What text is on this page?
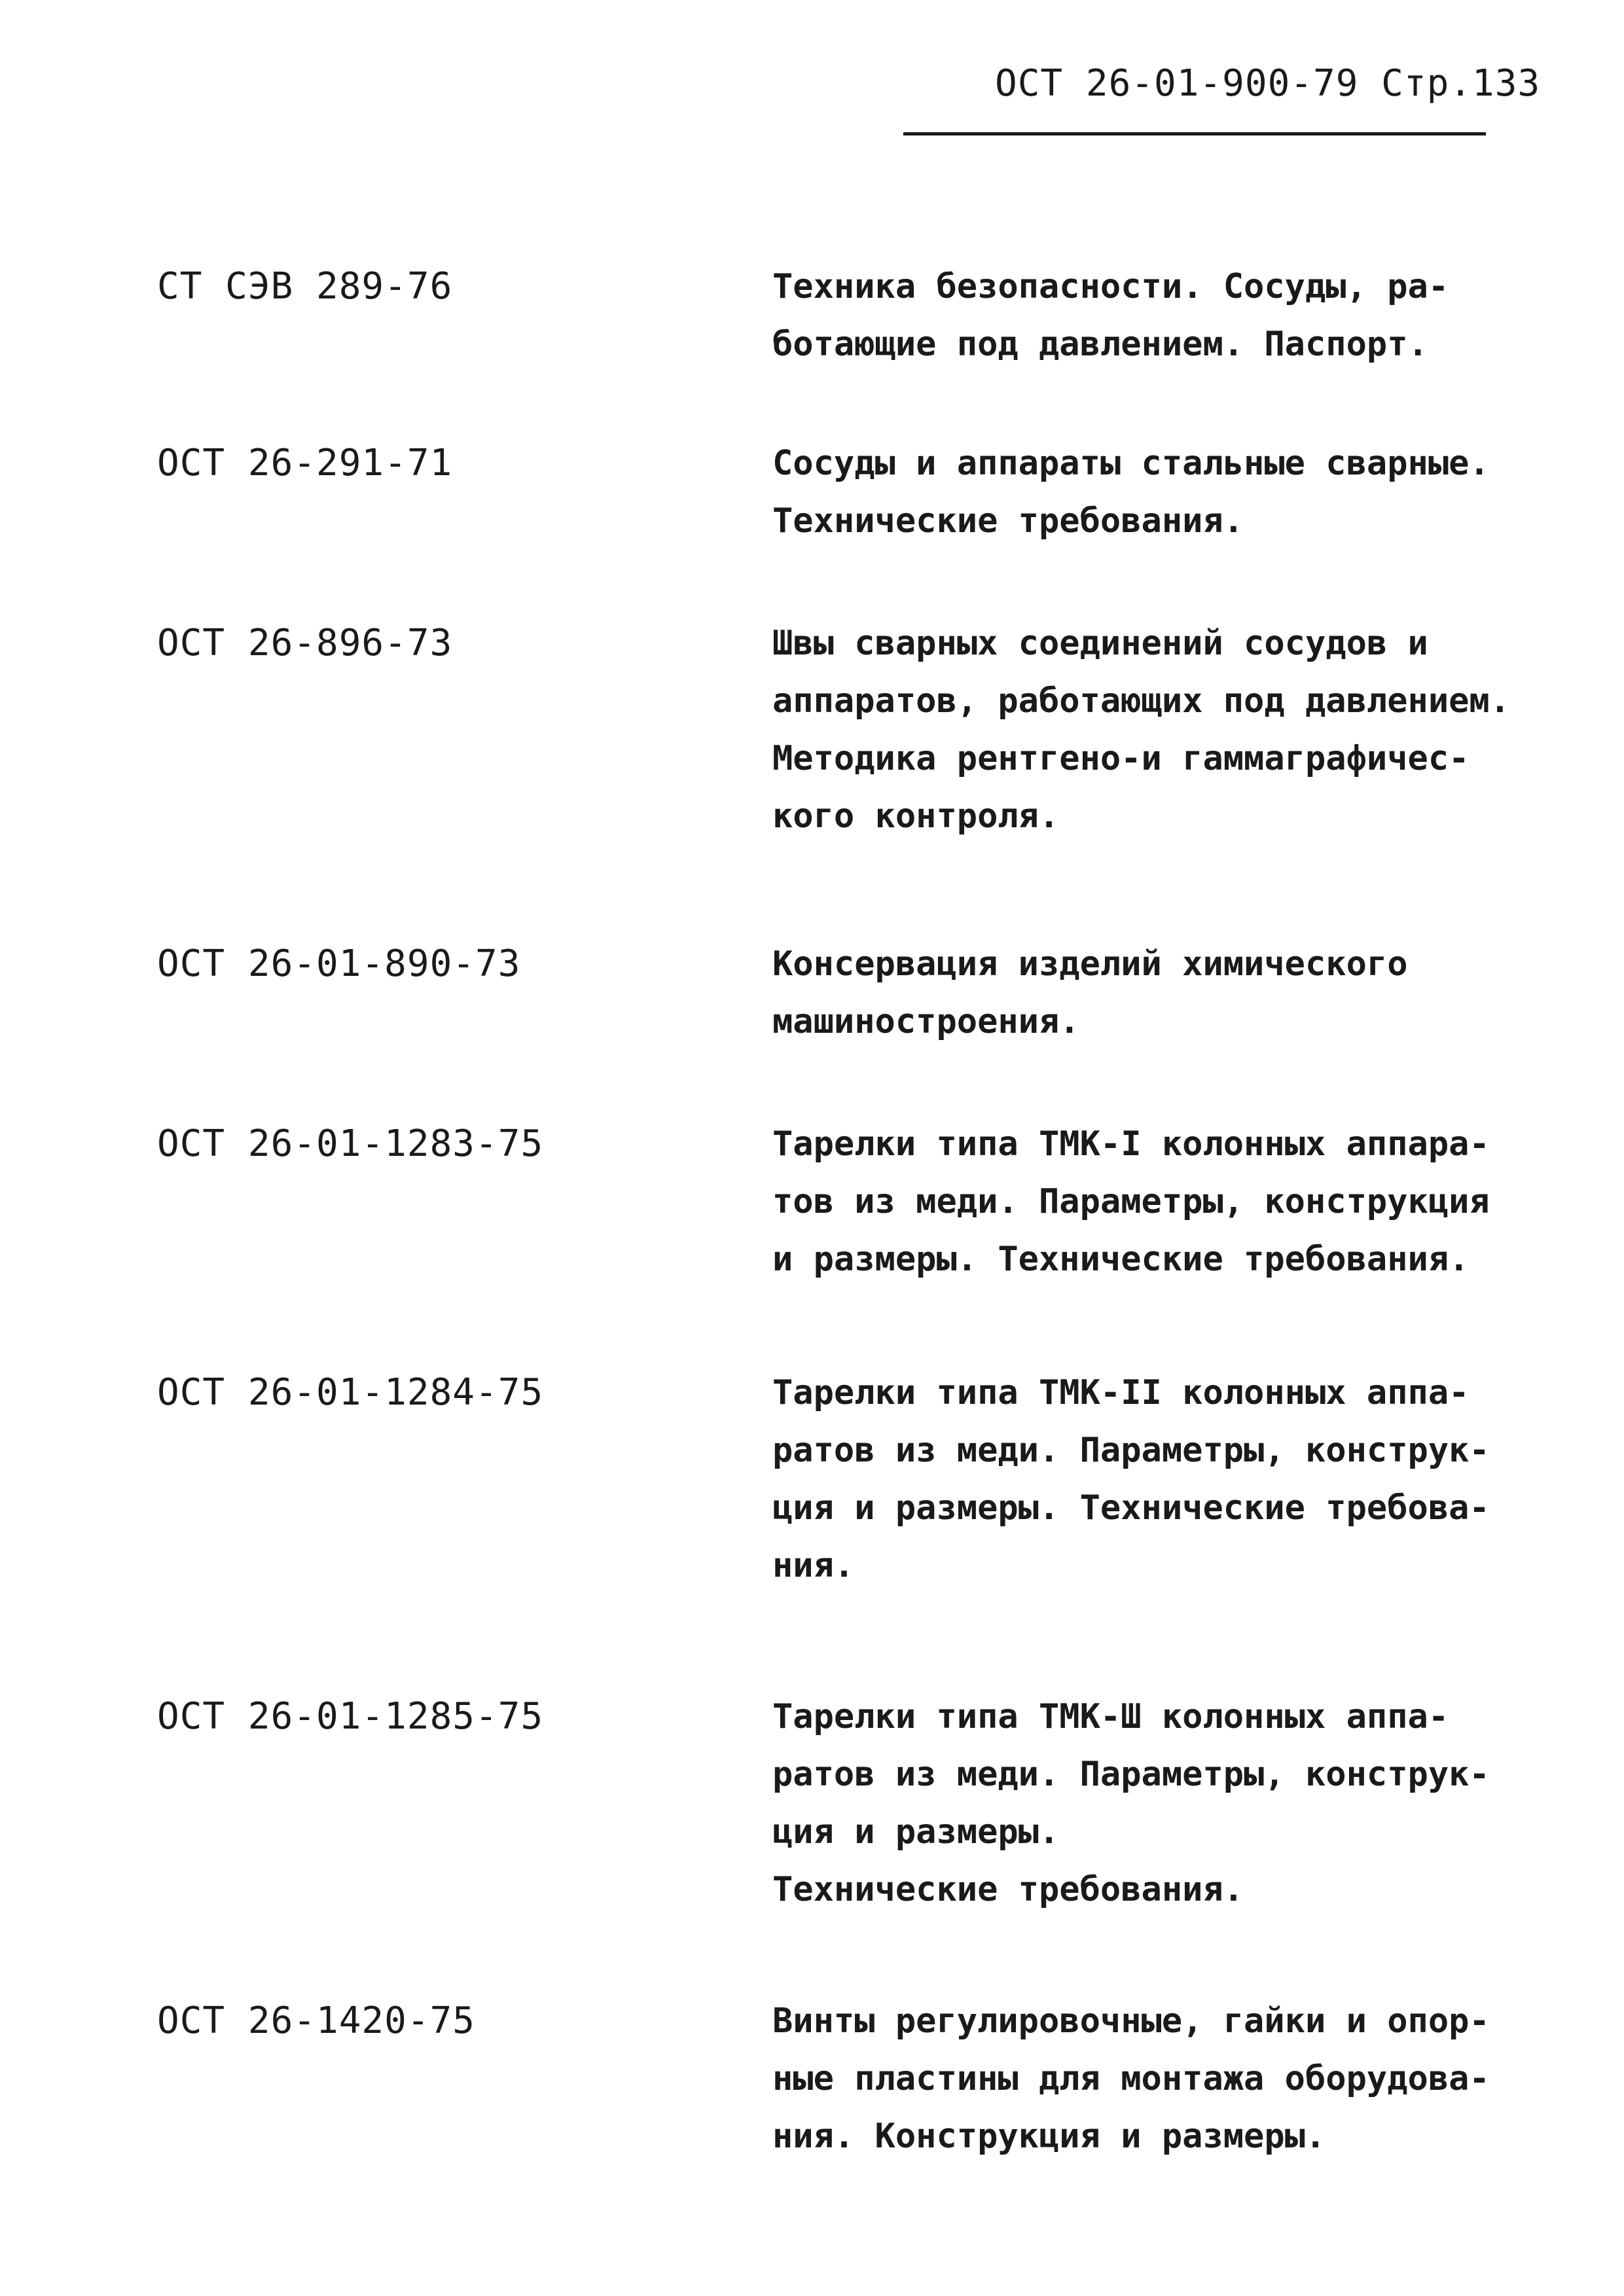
ОСТ 26-01-900-79 Стр.133
СТ СЭВ 289-76	Техника безопасности. Сосуды, ра-
ботающие под давлением. Паспорт.
ОСТ 26-291-71	Сосуды и аппараты стальные сварные.
Технические требования.
ОСТ 26-896-73	Швы сварных соединений сосудов и
аппаратов, работающих под давлением.
Методика рентгено-и гаммаграфичес-
кого контроля.
ОСТ 26-01-890-73	Консервация изделий химического
машиностроения.
ОСТ 26-01-1283-75	Тарелки типа ТМК-I колонных аппара-
тов из меди. Параметры, конструкция
и размеры. Технические требования.
ОСТ 26-01-1284-75	Тарелки типа ТМК-II колонных аппа-
ратов из меди. Параметры, конструк-
ция и размеры. Технические требова-
ния.
ОСТ 26-01-1285-75	Тарелки типа ТМК-Ш колонных аппа-
ратов из меди. Параметры, конструк-
ция и размеры.
Технические требования.
ОСТ 26-1420-75	Винты регулировочные, гайки и опор-
ные пластины для монтажа оборудова-
ния. Конструкция и размеры.
